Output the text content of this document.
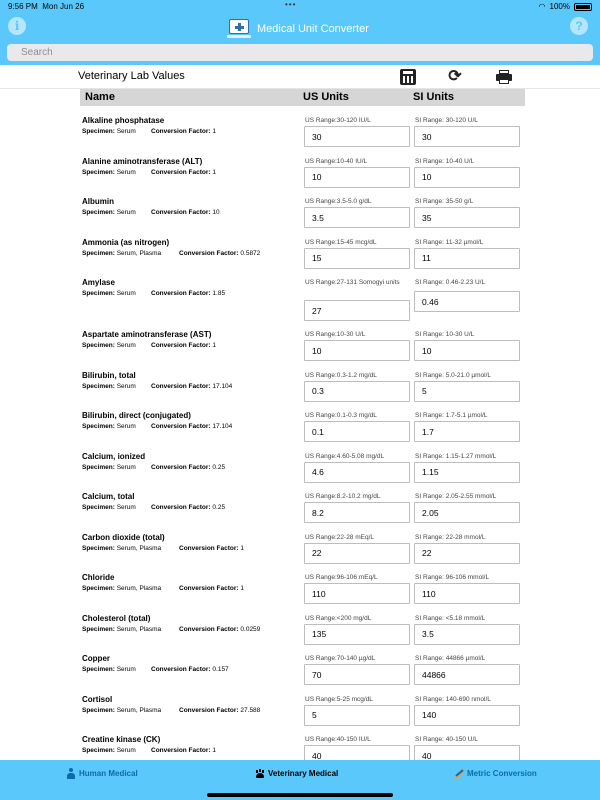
9:56 PM Mon Jun 26	•••	◠ 100%
i	Medical Unit Converter	?
Search
Veterinary Lab Values	⟳
Name	US Units	SI Units
Alkaline phosphatase
Specimen: Serum Conversion Factor: 1
US Range:30-120 IU/L	SI Range: 30-120 U/L
30
30
Alanine aminotransferase (ALT)
Specimen: Serum Conversion Factor: 1
US Range:10-40 IU/L	SI Range: 10-40 U/L
10
10
Albumin
Specimen: Serum Conversion Factor: 10
US Range:3.5-5.0 g/dL	SI Range: 35-50 g/L
3.5
35
Ammonia (as nitrogen)
Specimen: Serum, Plasma	Conversion Factor: 0.5872
US Range:15-45 mcg/dL	SI Range: 11-32 µmol/L
15
11
Amylase
Specimen: Serum Conversion Factor: 1.85
US Range:27-131 Somogyi units	SI Range: 0.46-2.23 U/L
27
0.46
Aspartate aminotransferase (AST)
Specimen: Serum Conversion Factor: 1
US Range:10-30 U/L	SI Range: 10-30 U/L
10
10
Bilirubin, total
Specimen: Serum Conversion Factor: 17.104
US Range:0.3-1.2 mg/dL	SI Range: 5.0-21.0 µmol/L
0.3
5
Bilirubin, direct (conjugated)
Specimen: Serum Conversion Factor: 17.104
US Range:0.1-0.3 mg/dL	SI Range: 1.7-5.1 µmol/L
0.1
1.7
Calcium, ionized
Specimen: Serum Conversion Factor: 0.25
US Range:4.60-5.08 mg/dL	SI Range: 1.15-1.27 mmol/L
4.6
1.15
Calcium, total
Specimen: Serum Conversion Factor: 0.25
US Range:8.2-10.2 mg/dL	SI Range: 2.05-2.55 mmol/L
8.2
2.05
Carbon dioxide (total)
Specimen: Serum, Plasma	Conversion Factor: 1
US Range:22-28 mEq/L	SI Range: 22-28 mmol/L
22
22
Chloride
Specimen: Serum, Plasma	Conversion Factor: 1
US Range:96-106 mEq/L	SI Range: 96-106 mmol/L
110
110
Cholesterol (total)
Specimen: Serum, Plasma	Conversion Factor: 0.0259
US Range:<200 mg/dL	SI Range: <5.18 mmol/L
135
3.5
Copper
Specimen: Serum Conversion Factor: 0.157
US Range:70-140 µg/dL	SI Range: 44866 µmol/L
70
44866
Cortisol
Specimen: Serum, Plasma	Conversion Factor: 27.588
US Range:5-25 mcg/dL	SI Range: 140-690 nmol/L
5
140
Creatine kinase (CK)
Specimen: Serum Conversion Factor: 1
US Range:40-150 IU/L	SI Range: 40-150 U/L
40
40
Human Medical	Veterinary Medical	Metric Conversion
